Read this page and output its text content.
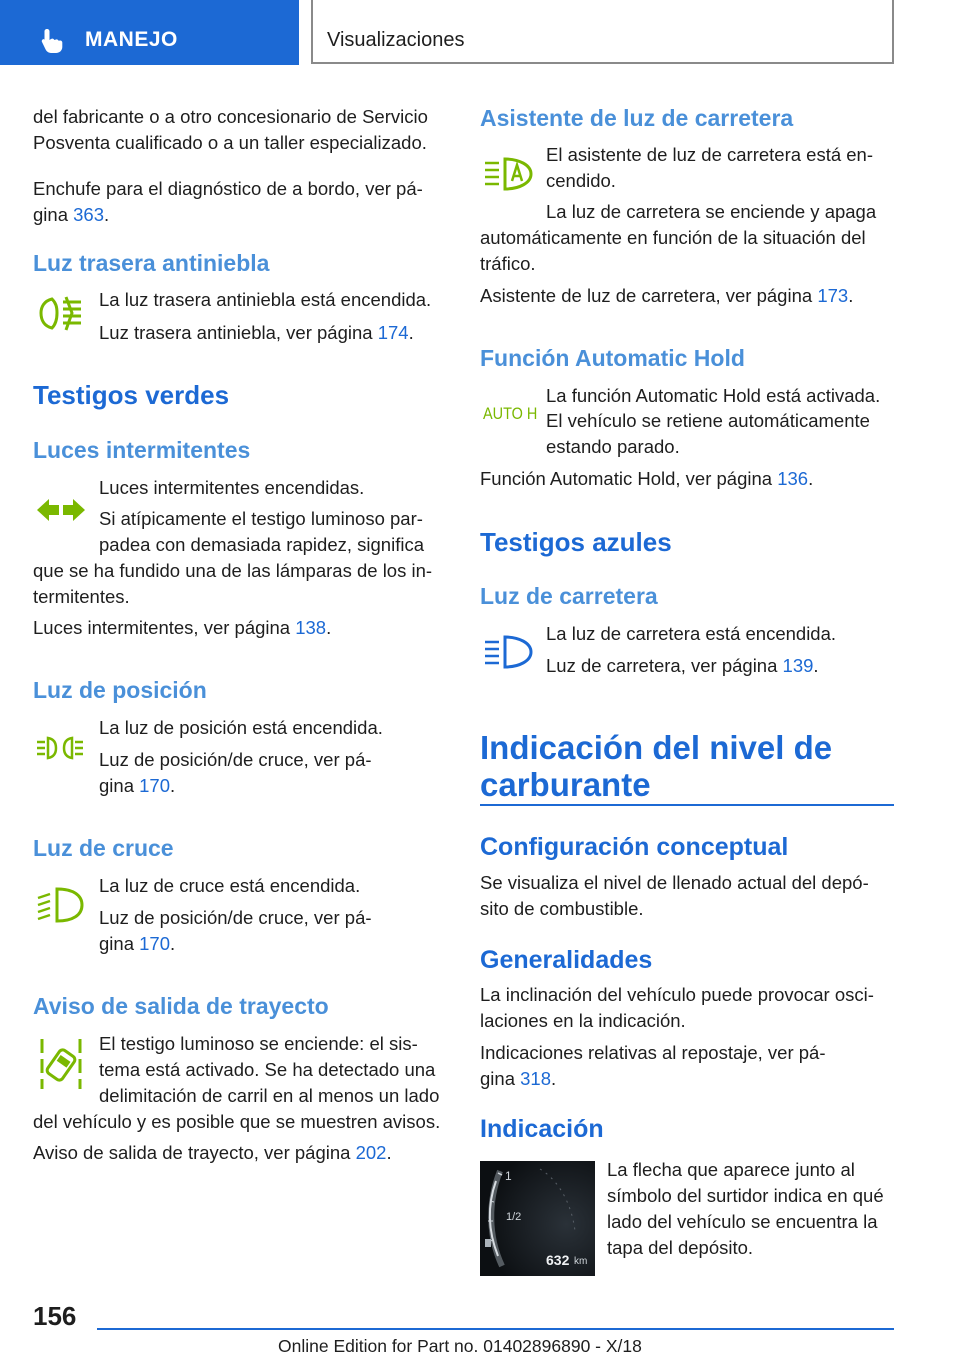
MANEJO	Visualizaciones

del fabricante o a otro concesionario de Servicio

Posventa cualificado o a un taller especializado.

Enchufe para el diagnóstico de a bordo, ver pá-

gina 363.

Luz trasera antiniebla

La luz trasera antiniebla está encendida.

Luz trasera antiniebla, ver página 174.

Testigos verdes
Luces intermitentes

Luces intermitentes encendidas.

Si atípicamente el testigo luminoso par-

padea con demasiada rapidez, significa

que se ha fundido una de las lámparas de los in-

termitentes.

Luces intermitentes, ver página 138.

Luz de posición

La luz de posición está encendida.

Luz de posición/de cruce, ver pá-

gina 170.

Luz de cruce

La luz de cruce está encendida.

Luz de posición/de cruce, ver pá-

gina 170.

Aviso de salida de trayecto

El testigo luminoso se enciende: el sis-

tema está activado. Se ha detectado una

delimitación de carril en al menos un lado

del vehículo y es posible que se muestren avisos.

Aviso de salida de trayecto, ver página 202.

Asistente de luz de carretera

El asistente de luz de carretera está en-

cendido.

La luz de carretera se enciende y apaga

automáticamente en función de la situación del

tráfico.

Asistente de luz de carretera, ver página 173.

Función Automatic Hold
AUTO H

La función Automatic Hold está activada.

El vehículo se retiene automáticamente

estando parado.

Función Automatic Hold, ver página 136.

Testigos azules
Luz de carretera

La luz de carretera está encendida.

Luz de carretera, ver página 139.

Indicación del nivel de
carburante
Configuración conceptual

Se visualiza el nivel de llenado actual del depó-

sito de combustible.

Generalidades

La inclinación del vehículo puede provocar osci-

laciones en la indicación.

Indicaciones relativas al repostaje, ver pá-

gina 318.

Indicación

La flecha que aparece junto al

símbolo del surtidor indica en qué

lado del vehículo se encuentra la

tapa del depósito.

1
1/2
632 km
156
Online Edition for Part no. 01402896890 - X/18
